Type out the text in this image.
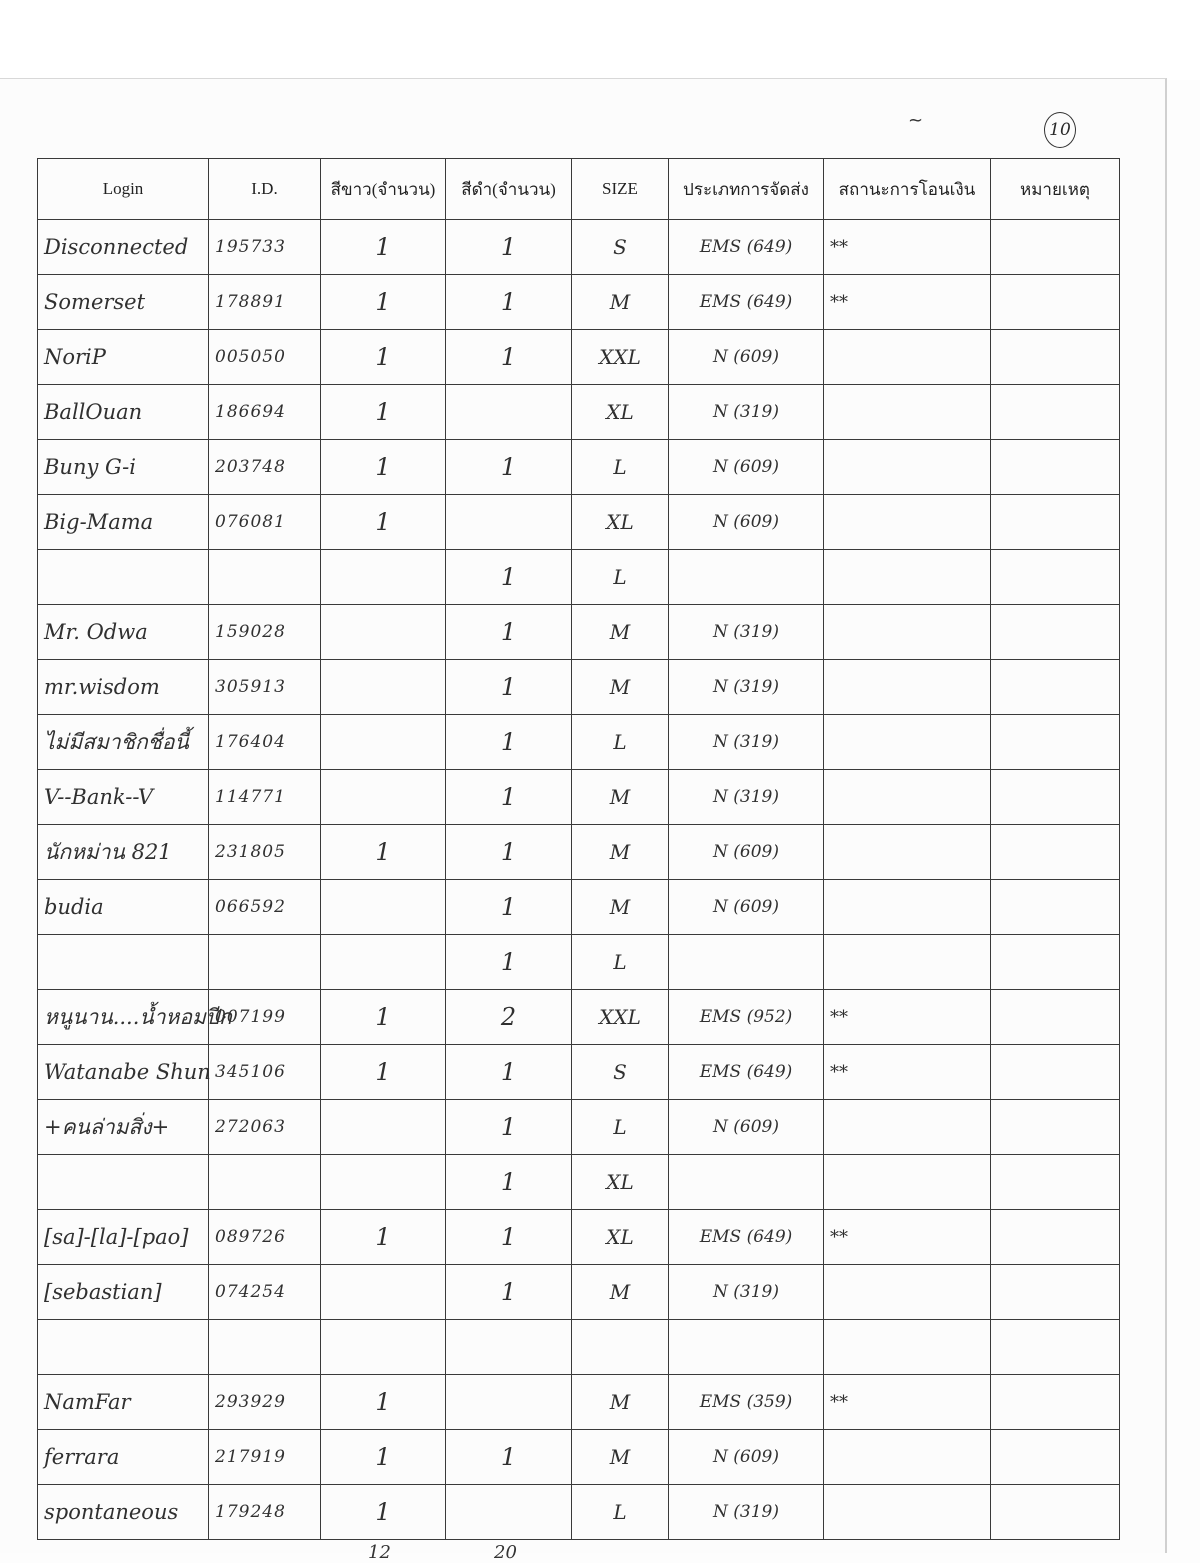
~	10
Login	I.D.	สีขาว(จำนวน)	สีดำ(จำนวน)	SIZE	ประเภทการจัดส่ง	สถานะการโอนเงิน	หมายเหตุ
Disconnected	195733	1	1	S	EMS (649)	**	
Somerset	178891	1	1	M	EMS (649)	**	
NoriP	005050	1	1	XXL	N (609)		
BallOuan	186694	1		XL	N (319)		
Buny G-i	203748	1	1	L	N (609)		
Big-Mama	076081	1		XL	N (609)		
			1	L			
Mr. Odwa	159028		1	M	N (319)		
mr.wisdom	305913		1	M	N (319)		
ไม่มีสมาชิกชื่อนี้	176404		1	L	N (319)		
V--Bank--V	114771		1	M	N (319)		
นักหม่าน 821	231805	1	1	M	N (609)		
budia	066592		1	M	N (609)		
			1	L			
หนูนาน....น้ำหอมปีก	007199	1	2	XXL	EMS (952)	**	
Watanabe Shun	345106	1	1	S	EMS (649)	**	
+คนล่ามสิ่ง+	272063		1	L	N (609)		
			1	XL			
[sa]-[la]-[pao]	089726	1	1	XL	EMS (649)	**	
[sebastian]	074254		1	M	N (319)		

NamFar	293929	1		M	EMS (359)	**	
ferrara	217919	1	1	M	N (609)		
spontaneous	179248	1		L	N (319)		
12	20
